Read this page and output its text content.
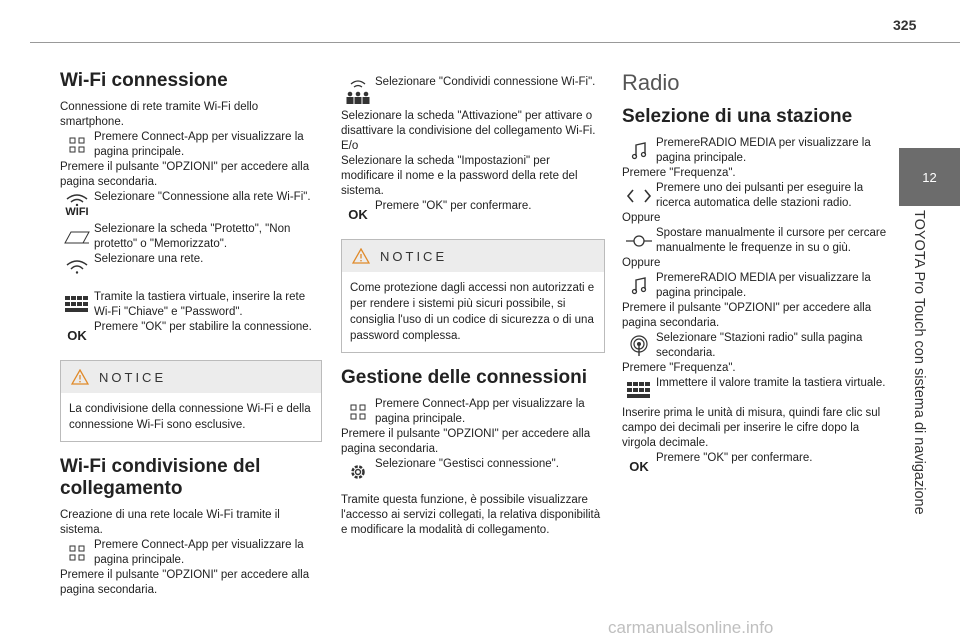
325
12
TOYOTA Pro Touch con sistema di navigazione
Wi-Fi connessione

Connessione di rete tramite Wi-Fi dello smartphone.

Premere Connect-App per visualizzare la pagina principale.

Premere il pulsante "OPZIONI" per accedere alla pagina secondaria.

WIFI
Selezionare "Connessione alla rete Wi-Fi".
Selezionare la scheda "Protetto", "Non protetto" o "Memorizzato".
Selezionare una rete.
Tramite la tastiera virtuale, inserire la rete Wi-Fi "Chiave" e "Password".
OK
Premere "OK" per stabilire la connessione.
NOTICE
La condivisione della connessione Wi-Fi e della connessione Wi-Fi sono esclusive.
Wi-Fi condivisione del collegamento

Creazione di una rete locale Wi-Fi tramite il sistema.

Premere Connect-App per visualizzare la pagina principale.

Premere il pulsante "OPZIONI" per accedere alla pagina secondaria.

Selezionare "Condividi connessione Wi-Fi".

Selezionare la scheda "Attivazione" per attivare o disattivare la condivisione del collegamento Wi-Fi.

E/o

Selezionare la scheda "Impostazioni" per modificare il nome e la password della rete del sistema.

OK
Premere "OK" per confermare.
NOTICE
Come protezione dagli accessi non autorizzati e per rendere i sistemi più sicuri possibile, si consiglia l'uso di un codice di sicurezza o di una password complessa.
Gestione delle connessioni
Premere Connect-App per visualizzare la pagina principale.

Premere il pulsante "OPZIONI" per accedere alla pagina secondaria.

Selezionare "Gestisci connessione".

Tramite questa funzione, è possibile visualizzare l'accesso ai servizi collegati, la relativa disponibilità e modificare la modalità di collegamento.

Radio
Selezione di una stazione
PremereRADIO MEDIA per visualizzare la pagina principale.

Premere "Frequenza".

Premere uno dei pulsanti per eseguire la ricerca automatica delle stazioni radio.

Oppure

Spostare manualmente il cursore per cercare manualmente le frequenze in su o giù.

Oppure

PremereRADIO MEDIA per visualizzare la pagina principale.

Premere il pulsante "OPZIONI" per accedere alla pagina secondaria.

Selezionare "Stazioni radio" sulla pagina secondaria.

Premere "Frequenza".

Immettere il valore tramite la tastiera virtuale.

Inserire prima le unità di misura, quindi fare clic sul campo dei decimali per inserire le cifre dopo la virgola decimale.

OK
Premere "OK" per confermare.
carmanualsonline.info
